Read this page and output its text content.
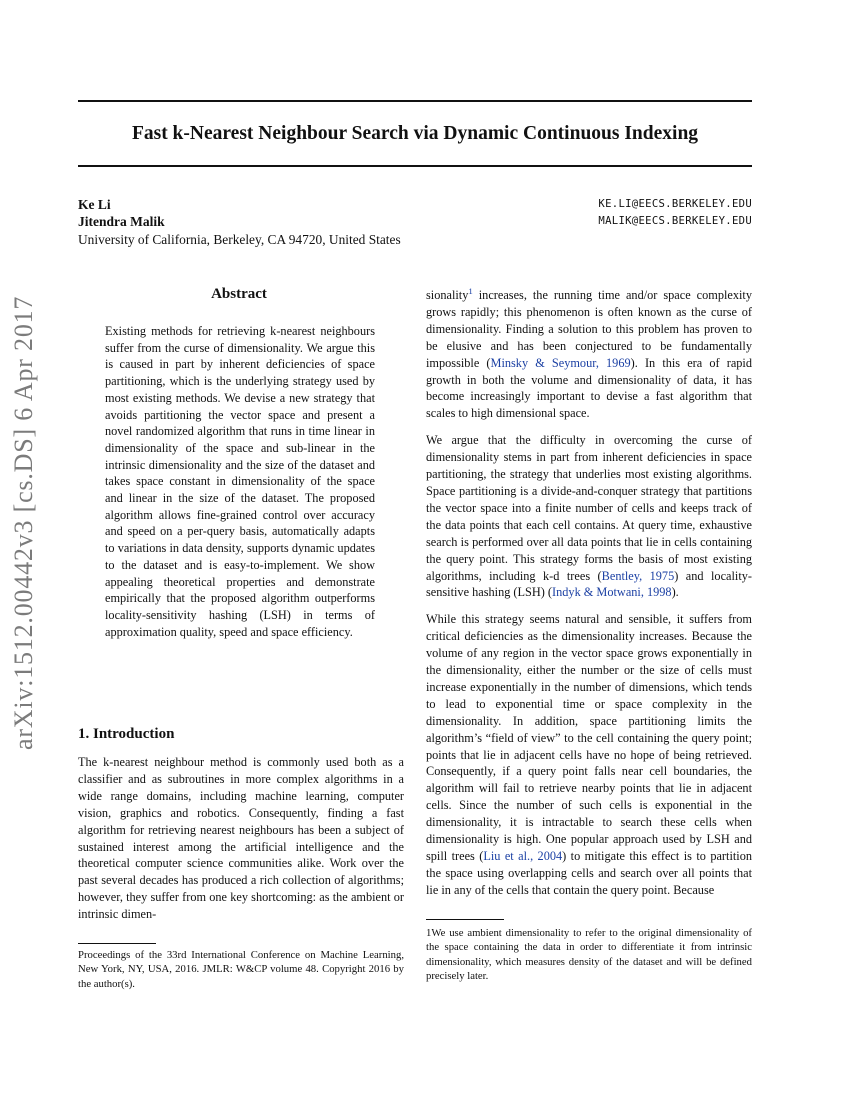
arXiv:1512.00442v3 [cs.DS] 6 Apr 2017
Fast k-Nearest Neighbour Search via Dynamic Continuous Indexing
Ke Li	KE.LI@EECS.BERKELEY.EDU
Jitendra Malik	MALIK@EECS.BERKELEY.EDU
University of California, Berkeley, CA 94720, United States
Abstract

Existing methods for retrieving k-nearest neighbours suffer from the curse of dimensionality. We argue this is caused in part by inherent deficiencies of space partitioning, which is the underlying strategy used by most existing methods. We devise a new strategy that avoids partitioning the vector space and present a novel randomized algorithm that runs in time linear in dimensionality of the space and sub-linear in the intrinsic dimensionality and the size of the dataset and takes space constant in dimensionality of the space and linear in the size of the dataset. The proposed algorithm allows fine-grained control over accuracy and speed on a per-query basis, automatically adapts to variations in data density, supports dynamic updates to the dataset and is easy-to-implement. We show appealing theoretical properties and demonstrate empirically that the proposed algorithm outperforms locality-sensitivity hashing (LSH) in terms of approximation quality, speed and space efficiency.

1. Introduction

The k-nearest neighbour method is commonly used both as a classifier and as subroutines in more complex algorithms in a wide range domains, including machine learning, computer vision, graphics and robotics. Consequently, finding a fast algorithm for retrieving nearest neighbours has been a subject of sustained interest among the artificial intelligence and the theoretical computer science communities alike. Work over the past several decades has produced a rich collection of algorithms; however, they suffer from one key shortcoming: as the ambient or intrinsic dimen-

sionality$^1$ increases, the running time and/or space complexity grows rapidly; this phenomenon is often known as the curse of dimensionality. Finding a solution to this problem has proven to be elusive and has been conjectured to be fundamentally impossible (Minsky & Seymour, 1969). In this era of rapid growth in both the volume and dimensionality of data, it has become increasingly important to devise a fast algorithm that scales to high dimensional space.

We argue that the difficulty in overcoming the curse of dimensionality stems in part from inherent deficiencies in space partitioning, the strategy that underlies most existing algorithms. Space partitioning is a divide-and-conquer strategy that partitions the vector space into a finite number of cells and keeps track of the data points that each cell contains. At query time, exhaustive search is performed over all data points that lie in cells containing the query point. This strategy forms the basis of most existing algorithms, including k-d trees (Bentley, 1975) and locality-sensitive hashing (LSH) (Indyk & Motwani, 1998).

While this strategy seems natural and sensible, it suffers from critical deficiencies as the dimensionality increases. Because the volume of any region in the vector space grows exponentially in the dimensionality, either the number or the size of cells must increase exponentially in the number of dimensions, which tends to lead to exponential time or space complexity in the dimensionality. In addition, space partitioning limits the algorithm’s “field of view” to the cell containing the query point; points that lie in adjacent cells have no hope of being retrieved. Consequently, if a query point falls near cell boundaries, the algorithm will fail to retrieve nearby points that lie in adjacent cells. Since the number of such cells is exponential in the dimensionality, it is intractable to search these cells when dimensionality is high. One popular approach used by LSH and spill trees (Liu et al., 2004) to mitigate this effect is to partition the space using overlapping cells and search over all points that lie in any of the cells that contain the query point. Because

Proceedings of the 33rd International Conference on Machine Learning, New York, NY, USA, 2016. JMLR: W&CP volume 48. Copyright 2016 by the author(s).

1We use ambient dimensionality to refer to the original dimensionality of the space containing the data in order to differentiate it from intrinsic dimensionality, which measures density of the dataset and will be defined precisely later.
